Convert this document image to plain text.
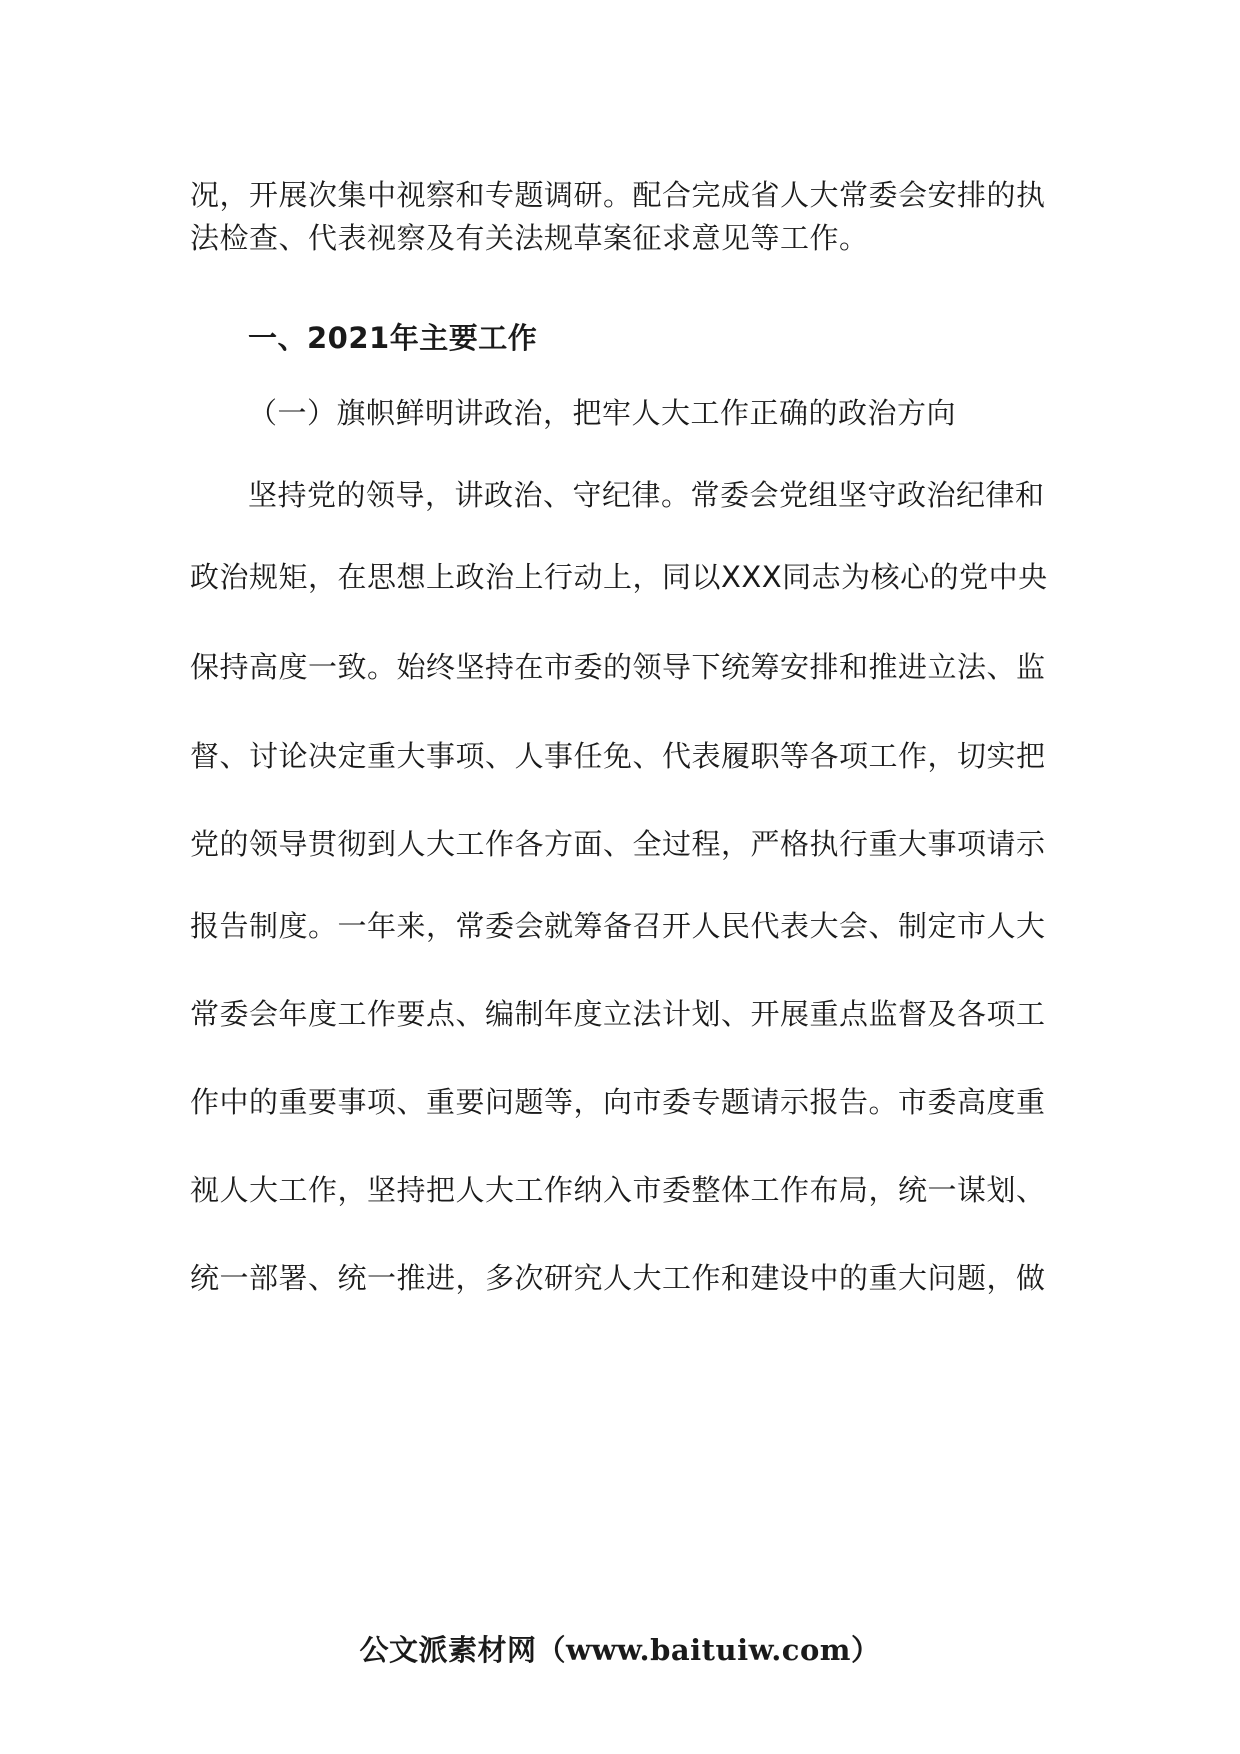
况，开展次集中视察和专题调研。配合完成省人大常委会安排的执
法检查、代表视察及有关法规草案征求意见等工作。
一、2021年主要工作
（一）旗帜鲜明讲政治，把牢人大工作正确的政治方向
坚持党的领导，讲政治、守纪律。常委会党组坚守政治纪律和
政治规矩，在思想上政治上行动上，同以XXX同志为核心的党中央
保持高度一致。始终坚持在市委的领导下统筹安排和推进立法、监
督、讨论决定重大事项、人事任免、代表履职等各项工作，切实把
党的领导贯彻到人大工作各方面、全过程，严格执行重大事项请示
报告制度。一年来，常委会就筹备召开人民代表大会、制定市人大
常委会年度工作要点、编制年度立法计划、开展重点监督及各项工
作中的重要事项、重要问题等，向市委专题请示报告。市委高度重
视人大工作，坚持把人大工作纳入市委整体工作布局，统一谋划、
统一部署、统一推进，多次研究人大工作和建设中的重大问题，做
公文派素材网（www.baituiw.com）
